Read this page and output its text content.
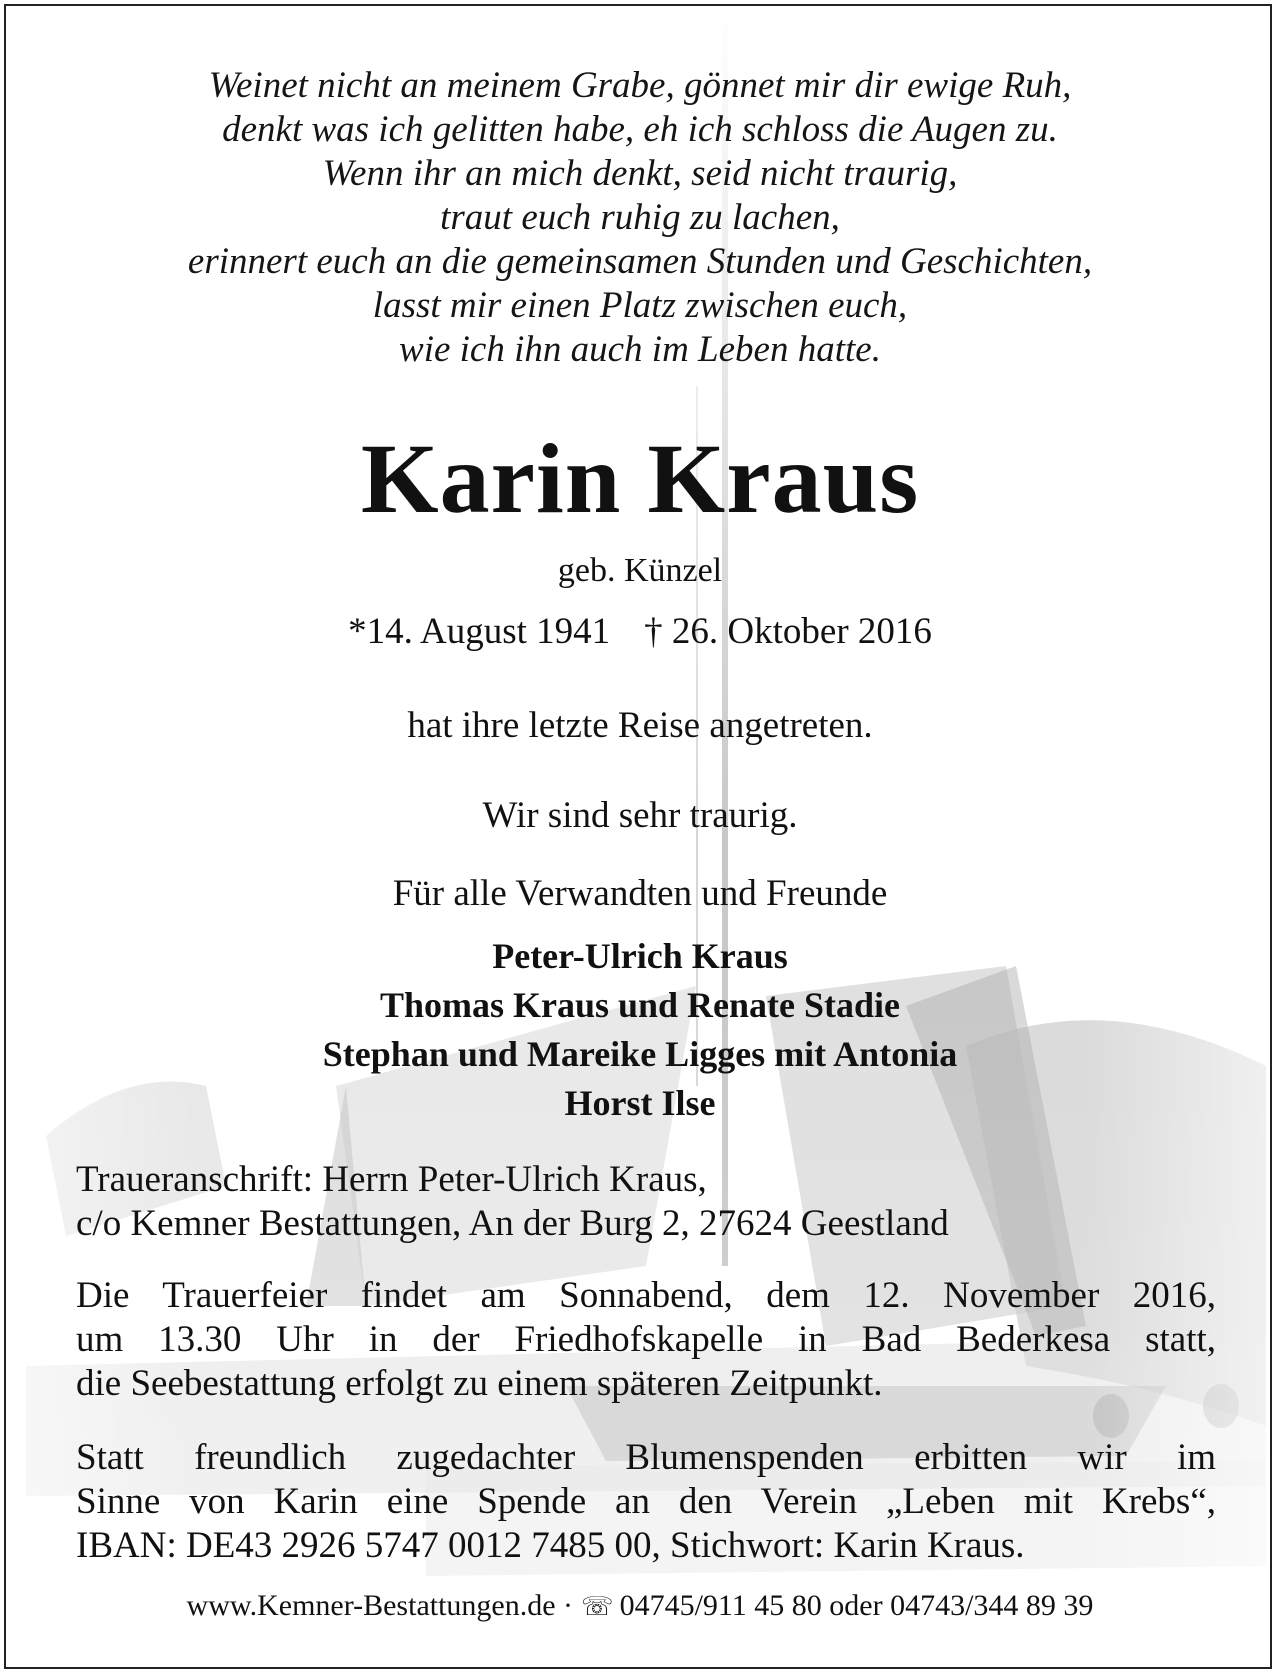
Weinet nicht an meinem Grabe, gönnet mir dir ewige Ruh,
denkt was ich gelitten habe, eh ich schloss die Augen zu.
Wenn ihr an mich denkt, seid nicht traurig,
traut euch ruhig zu lachen,
erinnert euch an die gemeinsamen Stunden und Geschichten,
lasst mir einen Platz zwischen euch,
wie ich ihn auch im Leben hatte.
Karin Kraus
geb. Künzel
*14. August 1941 † 26. Oktober 2016
hat ihre letzte Reise angetreten.
Wir sind sehr traurig.
Für alle Verwandten und Freunde
Peter-Ulrich Kraus
Thomas Kraus und Renate Stadie
Stephan und Mareike Ligges mit Antonia
Horst Ilse
Traueranschrift: Herrn Peter-Ulrich Kraus,
c/o Kemner Bestattungen, An der Burg 2, 27624 Geestland
Die Trauerfeier findet am Sonnabend, dem 12. November 2016,
um 13.30 Uhr in der Friedhofskapelle in Bad Bederkesa statt,
die Seebestattung erfolgt zu einem späteren Zeitpunkt.
Statt freundlich zugedachter Blumenspenden erbitten wir im
Sinne von Karin eine Spende an den Verein „Leben mit Krebs“,
IBAN: DE43 2926 5747 0012 7485 00, Stichwort: Karin Kraus.
www.Kemner-Bestattungen.de · ☏ 04745/911 45 80 oder 04743/344 89 39
